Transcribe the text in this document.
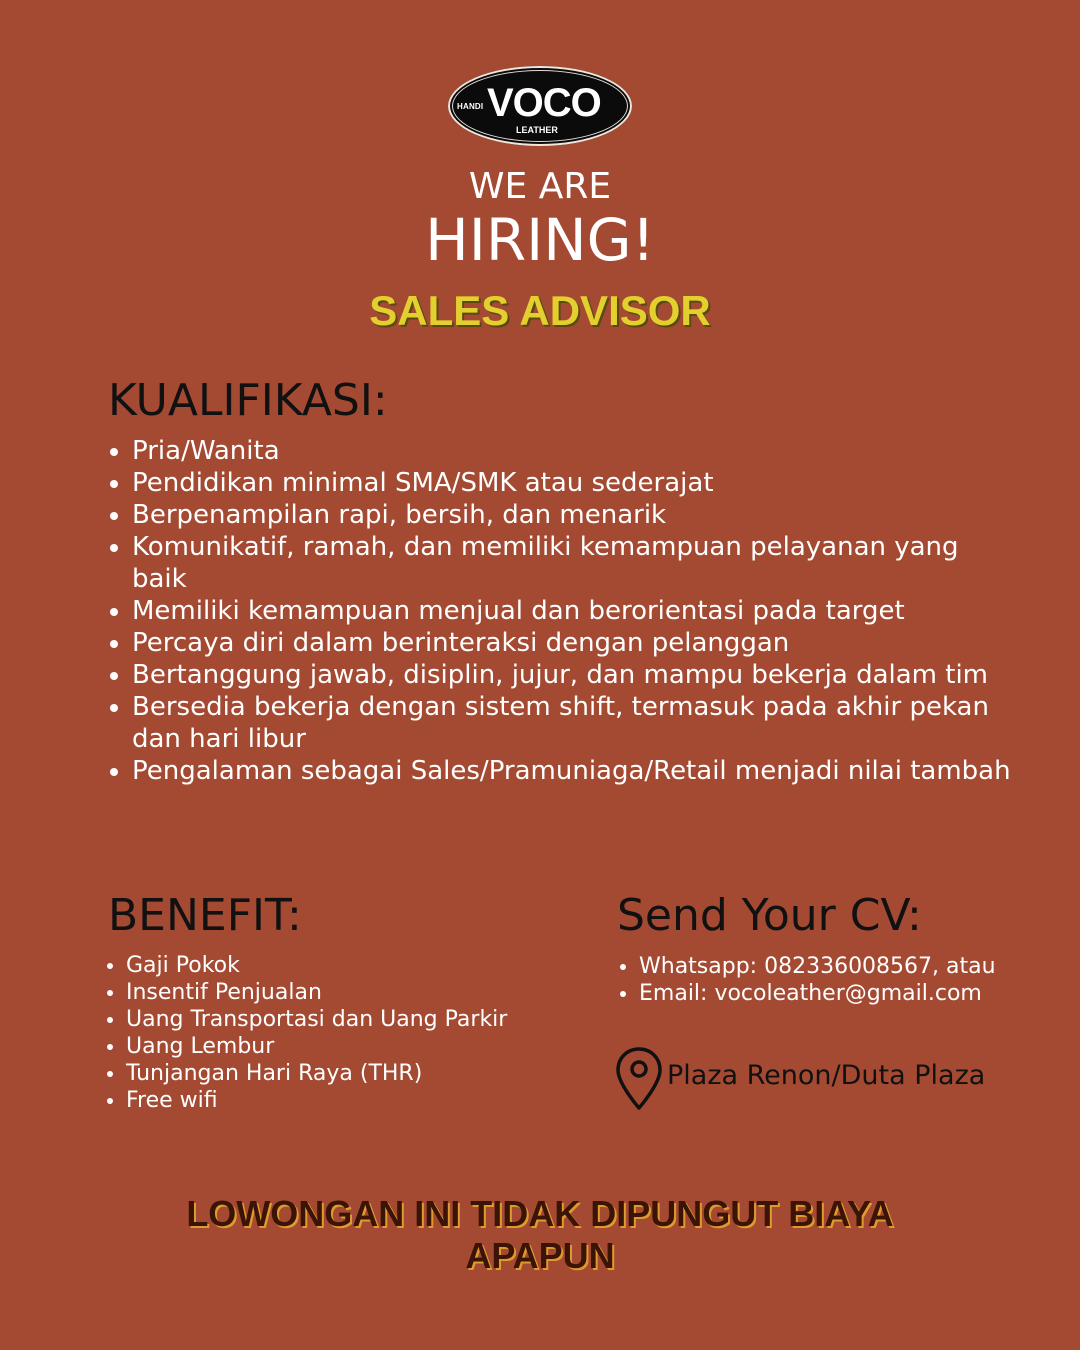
HANDI VOCO
LEATHER
WE ARE
HIRING!
SALES ADVISOR
KUALIFIKASI:
• Pria/Wanita
• Pendidikan minimal SMA/SMK atau sederajat
• Berpenampilan rapi, bersih, dan menarik
• Komunikatif, ramah, dan memiliki kemampuan pelayanan yang baik
• Memiliki kemampuan menjual dan berorientasi pada target
• Percaya diri dalam berinteraksi dengan pelanggan
• Bertanggung jawab, disiplin, jujur, dan mampu bekerja dalam tim
• Bersedia bekerja dengan sistem shift, termasuk pada akhir pekan dan hari libur
• Pengalaman sebagai Sales/Pramuniaga/Retail menjadi nilai tambah
BENEFIT:
• Gaji Pokok
• Insentif Penjualan
• Uang Transportasi dan Uang Parkir
• Uang Lembur
• Tunjangan Hari Raya (THR)
• Free wifi
Send Your CV:
• Whatsapp: 082336008567, atau
• Email: vocoleather@gmail.com
Plaza Renon/Duta Plaza
LOWONGAN INI TIDAK DIPUNGUT BIAYA APAPUN
